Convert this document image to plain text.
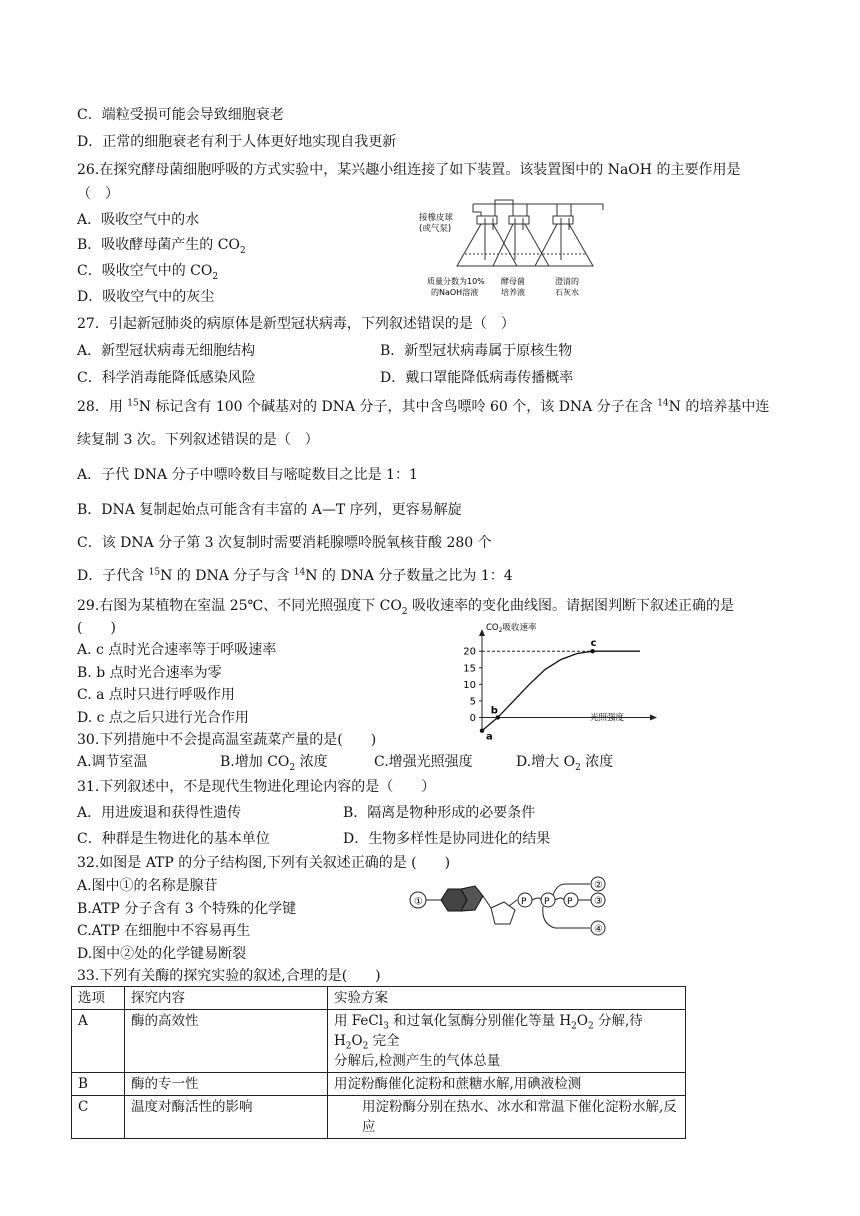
C．端粒受损可能会导致细胞衰老
D．正常的细胞衰老有利于人体更好地实现自我更新
26.在探究酵母菌细胞呼吸的方式实验中，某兴趣小组连接了如下装置。该装置图中的 NaOH 的主要作用是
（　）
A．吸收空气中的水
B．吸收酵母菌产生的 $CO_2$
C．吸收空气中的 $CO_2$
D．吸收空气中的灰尘
接橡皮球
(或气泵)
质量分数为10%
的NaOH溶液
酵母菌
培养液
澄清的
石灰水
27．引起新冠肺炎的病原体是新型冠状病毒，下列叙述错误的是（　）
A．新型冠状病毒无细胞结构	B．新型冠状病毒属于原核生物
C．科学消毒能降低感染风险	D．戴口罩能降低病毒传播概率
28．用 $^{15}$N 标记含有 100 个碱基对的 DNA 分子，其中含鸟嘌呤 60 个，该 DNA 分子在含 $^{14}$N 的培养基中连
续复制 3 次。下列叙述错误的是（　）
A．子代 DNA 分子中嘌呤数目与嘧啶数目之比是 1：1
B．DNA 复制起始点可能含有丰富的 A—T 序列，更容易解旋
C．该 DNA 分子第 3 次复制时需要消耗腺嘌呤脱氧核苷酸 280 个
D．子代含 $^{15}$N 的 DNA 分子与含 $^{14}$N 的 DNA 分子数量之比为 1：4
29.右图为某植物在室温 25℃、不同光照强度下 $CO_2$ 吸收速率的变化曲线图。请据图判断下叙述正确的是
(　　)
A. c 点时光合速率等于呼吸速率
B. b 点时光合速率为零
C. a 点时只进行呼吸作用
D. c 点之后只进行光合作用
$CO_2$吸收速率
光照强度
20
15
10
5
0
a
b
c
30.下列措施中不会提高温室蔬菜产量的是(　　)
A.调节室温	B.增加 $CO_2$ 浓度	C.增强光照强度	D.增大 $O_2$ 浓度
31.下列叙述中，不是现代生物进化理论内容的是（　　）
A．用进废退和获得性遗传	B．隔离是物种形成的必要条件
C．种群是生物进化的基本单位	D．生物多样性是协同进化的结果
32.如图是 ATP 的分子结构图,下列有关叙述正确的是 (　　)
A.图中①的名称是腺苷
B.ATP 分子含有 3 个特殊的化学键
C.ATP 在细胞中不容易再生
D.图中②处的化学键易断裂
①	P P P
②
③
④
33.下列有关酶的探究实验的叙述,合理的是(　　)
选项	探究内容	实验方案
A	酶的高效性	用 FeCl$_3$ 和过氧化氢酶分别催化等量 $H_2O_2$ 分解,待 $H_2O_2$ 完全
分解后,检测产生的气体总量
B	酶的专一性	用淀粉酶催化淀粉和蔗糖水解,用碘液检测
C	温度对酶活性的影响	用淀粉酶分别在热水、冰水和常温下催化淀粉水解,反应
